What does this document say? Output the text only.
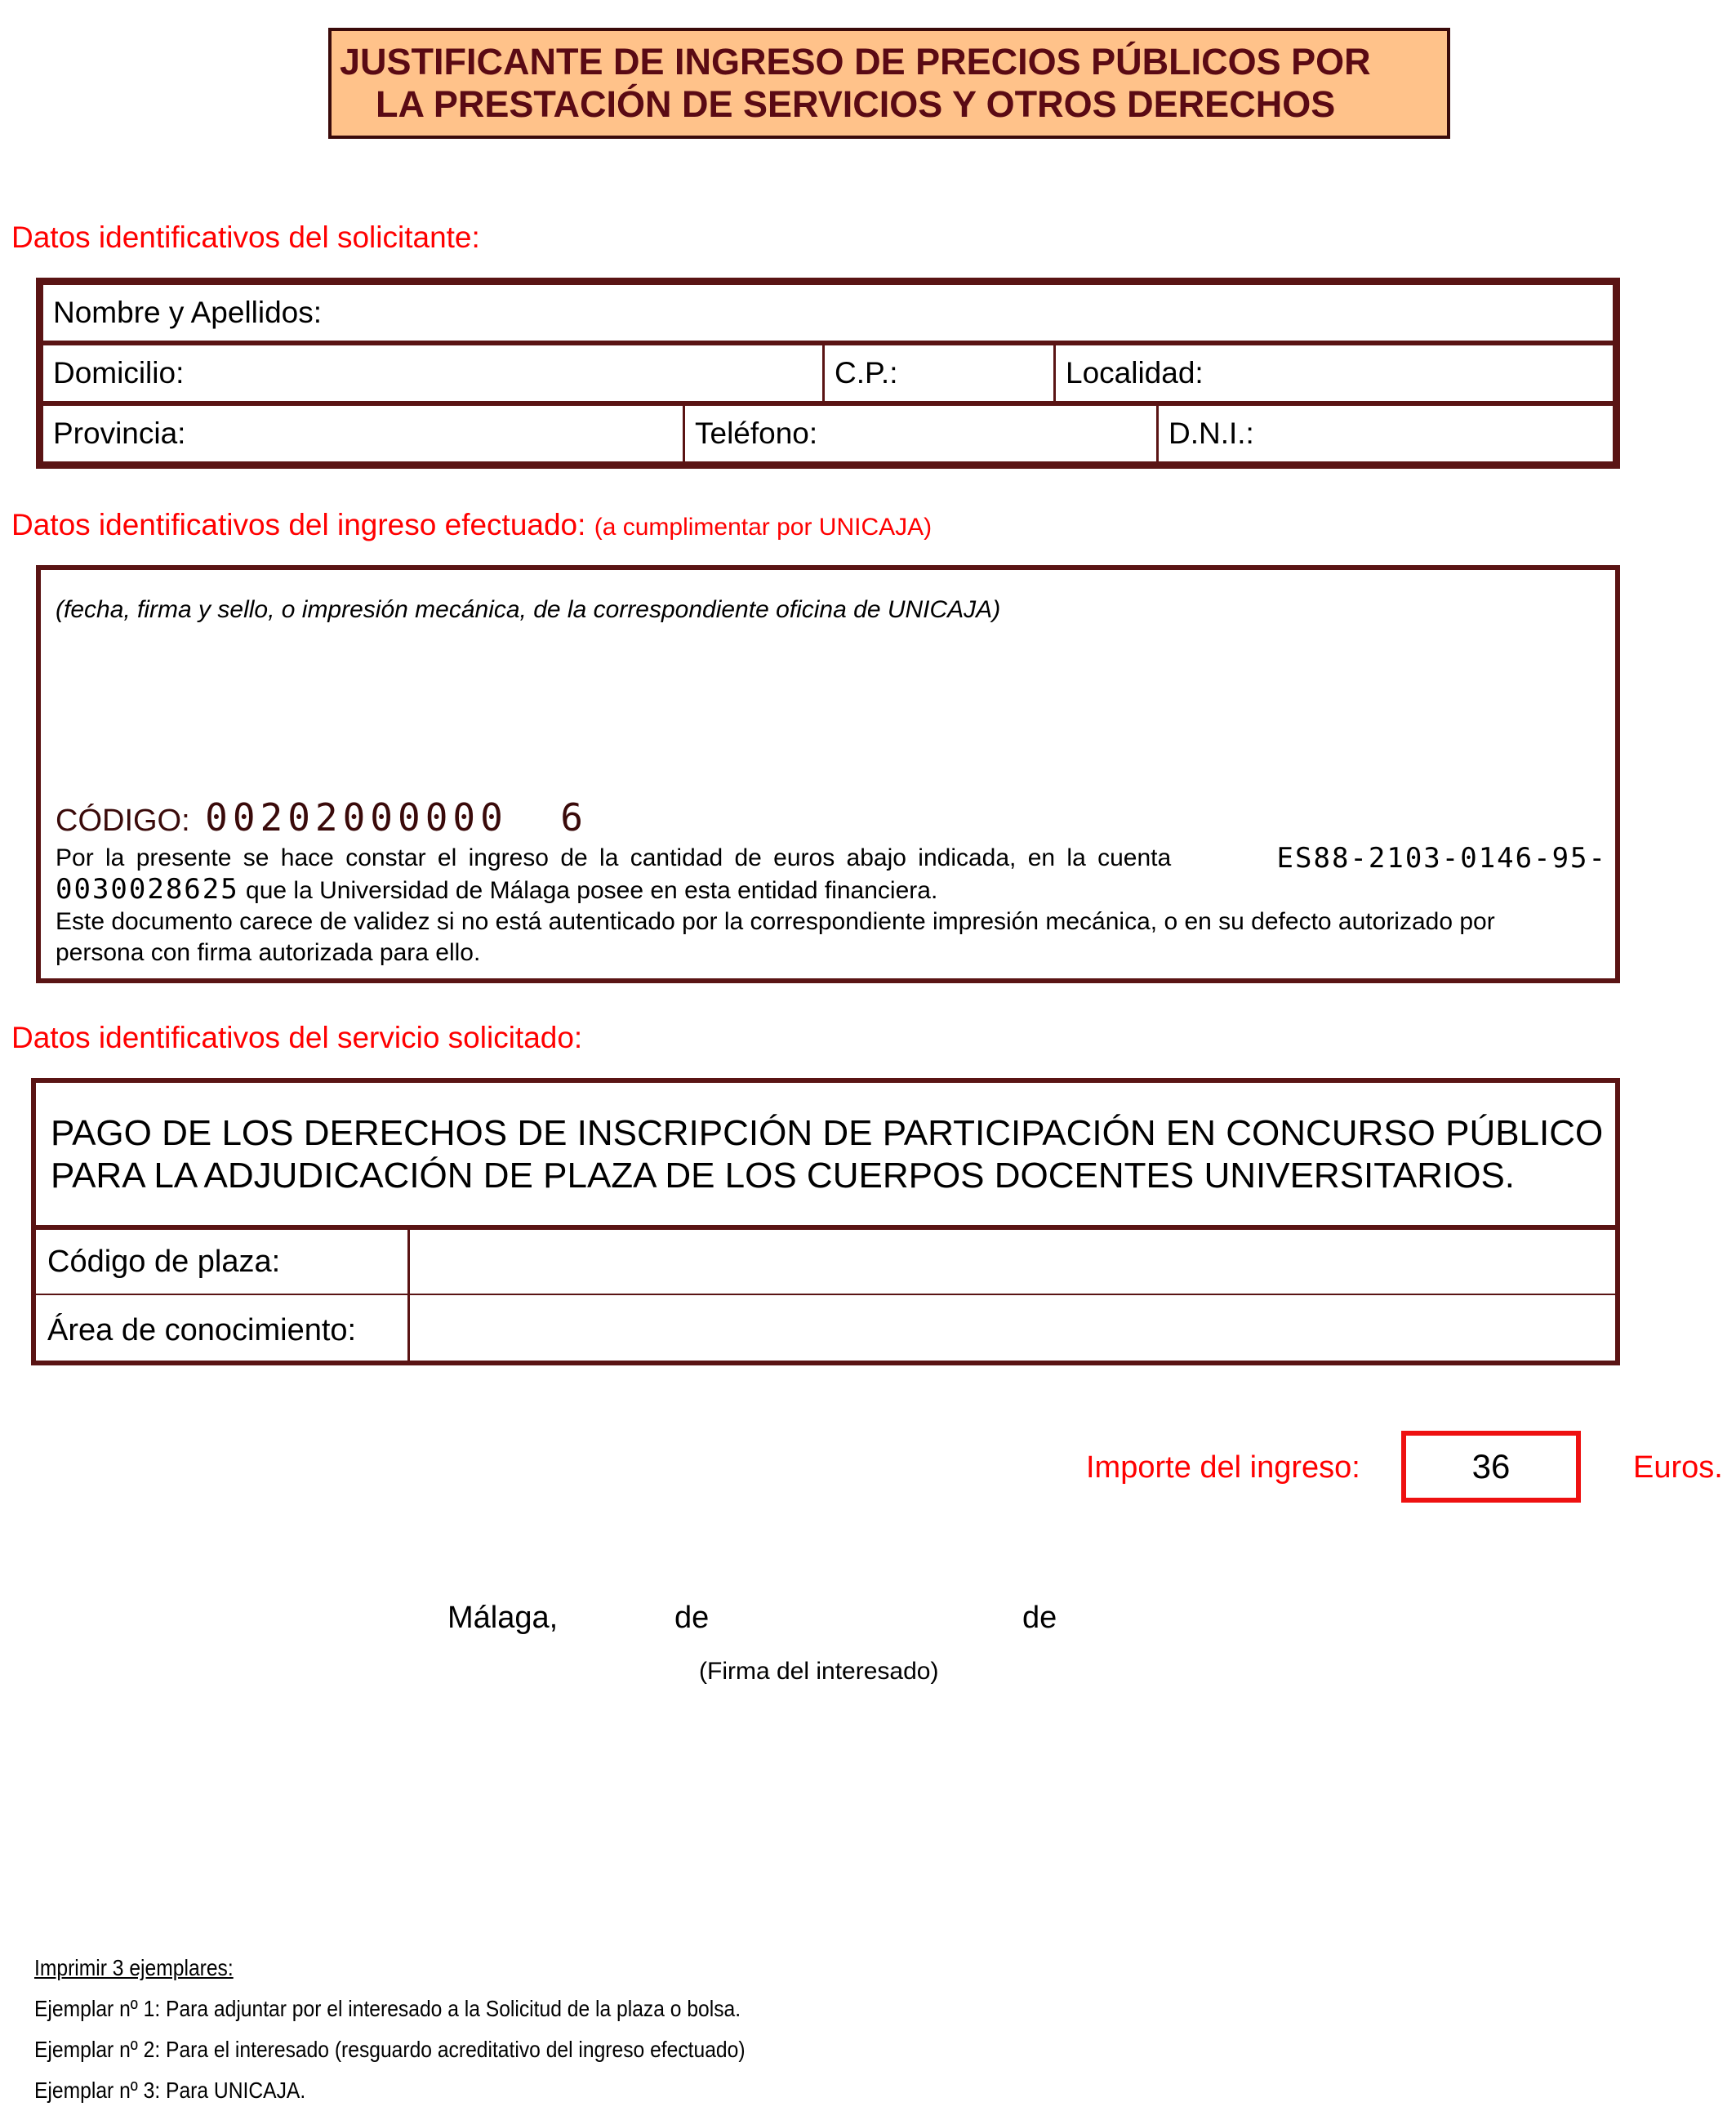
JUSTIFICANTE DE INGRESO DE PRECIOS PÚBLICOS POR
LA PRESTACIÓN DE SERVICIOS Y OTROS DERECHOS
Datos identificativos del solicitante:
Nombre y Apellidos:
Domicilio:	C.P.:	Localidad:
Provincia:	Teléfono:	D.N.I.:
Datos identificativos del ingreso efectuado: (a cumplimentar por UNICAJA)
(fecha, firma y sello, o impresión mecánica, de la correspondiente oficina de UNICAJA)
CÓDIGO: 00202000000 6
Por la presente se hace constar el ingreso de la cantidad de euros abajo indicada, en la cuenta	ES88-2103-0146-95-
0030028625 que la Universidad de Málaga posee en esta entidad financiera.
Este documento carece de validez si no está autenticado por la correspondiente impresión mecánica, o en su defecto autorizado por
persona con firma autorizada para ello.
Datos identificativos del servicio solicitado:
PAGO DE LOS DERECHOS DE INSCRIPCIÓN DE PARTICIPACIÓN EN CONCURSO PÚBLICO
PARA LA ADJUDICACIÓN DE PLAZA DE LOS CUERPOS DOCENTES UNIVERSITARIOS.
Código de plaza:
Área de conocimiento:
Importe del ingreso:	36	Euros.
Málaga,	de	de
(Firma del interesado)
Imprimir 3 ejemplares:
Ejemplar nº 1: Para adjuntar por el interesado a la Solicitud de la plaza o bolsa.
Ejemplar nº 2: Para el interesado (resguardo acreditativo del ingreso efectuado)
Ejemplar nº 3: Para UNICAJA.
